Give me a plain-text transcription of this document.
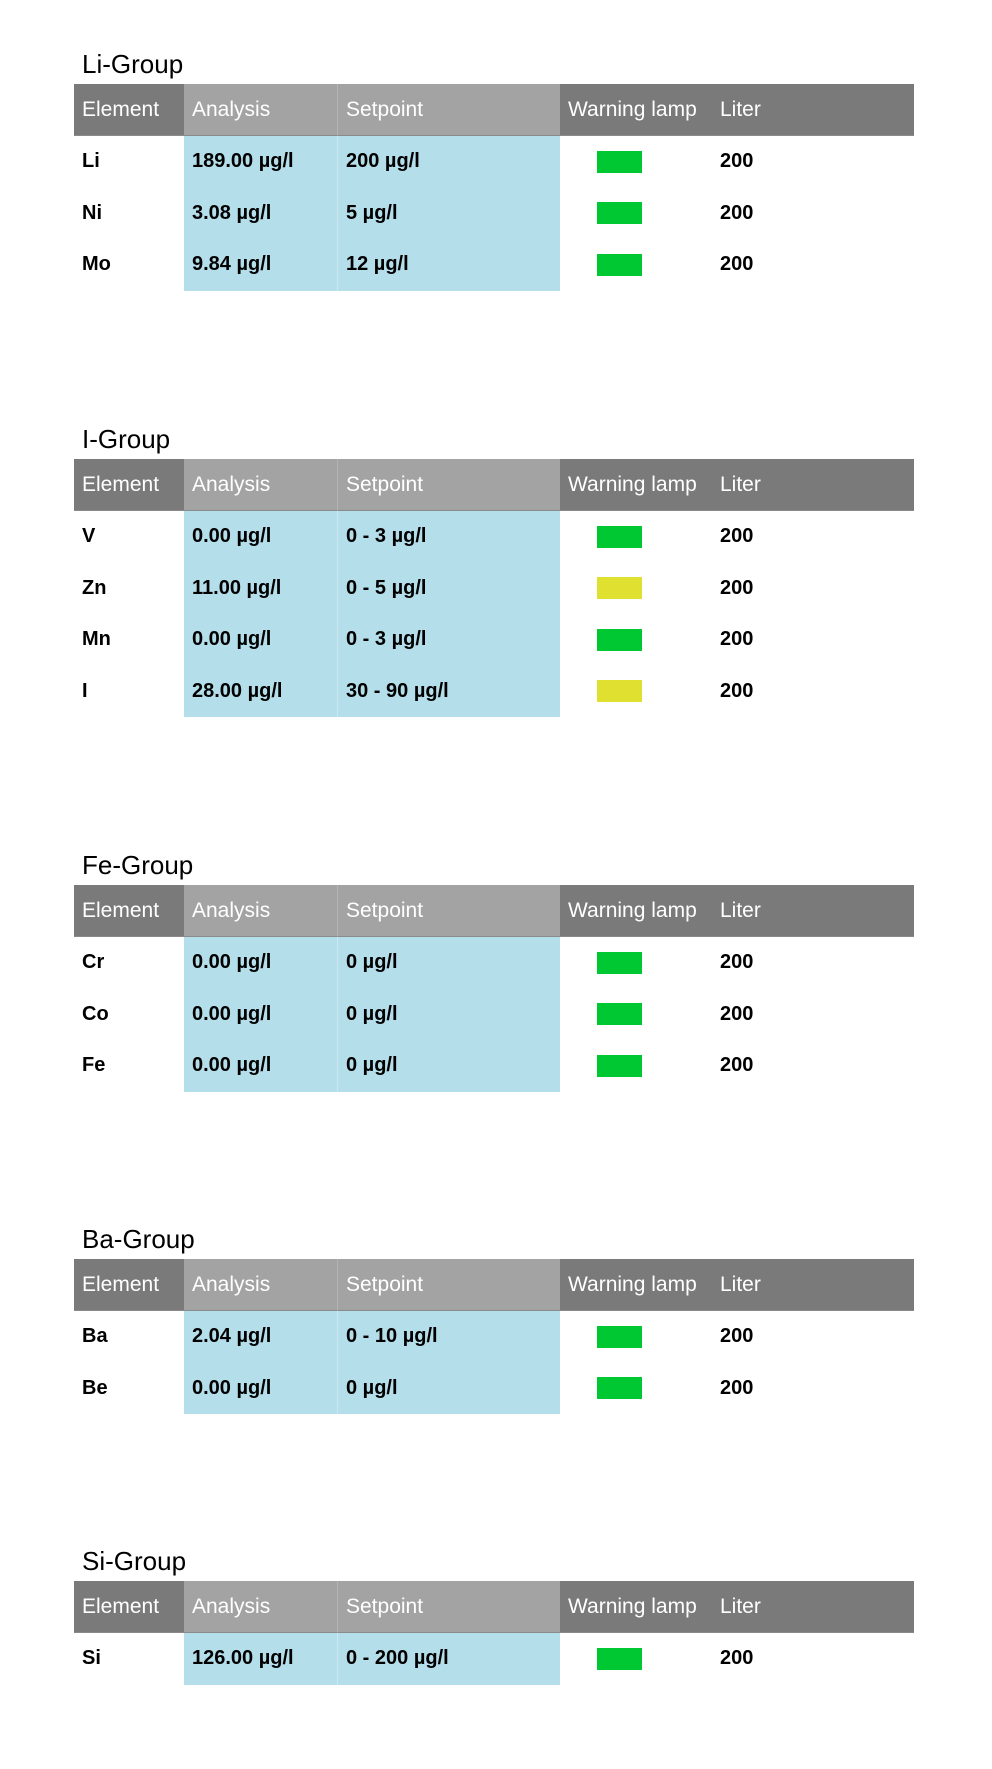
Li-Group
Element	Analysis	Setpoint	Warning lamp	Liter
Li	189.00 µg/l	200 µg/l	200
Ni	3.08 µg/l	5 µg/l	200
Mo	9.84 µg/l	12 µg/l	200
I-Group
Element	Analysis	Setpoint	Warning lamp	Liter
V	0.00 µg/l	0 - 3 µg/l	200
Zn	11.00 µg/l	0 - 5 µg/l	200
Mn	0.00 µg/l	0 - 3 µg/l	200
I	28.00 µg/l	30 - 90 µg/l	200
Fe-Group
Element	Analysis	Setpoint	Warning lamp	Liter
Cr	0.00 µg/l	0 µg/l	200
Co	0.00 µg/l	0 µg/l	200
Fe	0.00 µg/l	0 µg/l	200
Ba-Group
Element	Analysis	Setpoint	Warning lamp	Liter
Ba	2.04 µg/l	0 - 10 µg/l	200
Be	0.00 µg/l	0 µg/l	200
Si-Group
Element	Analysis	Setpoint	Warning lamp	Liter
Si	126.00 µg/l	0 - 200 µg/l	200
